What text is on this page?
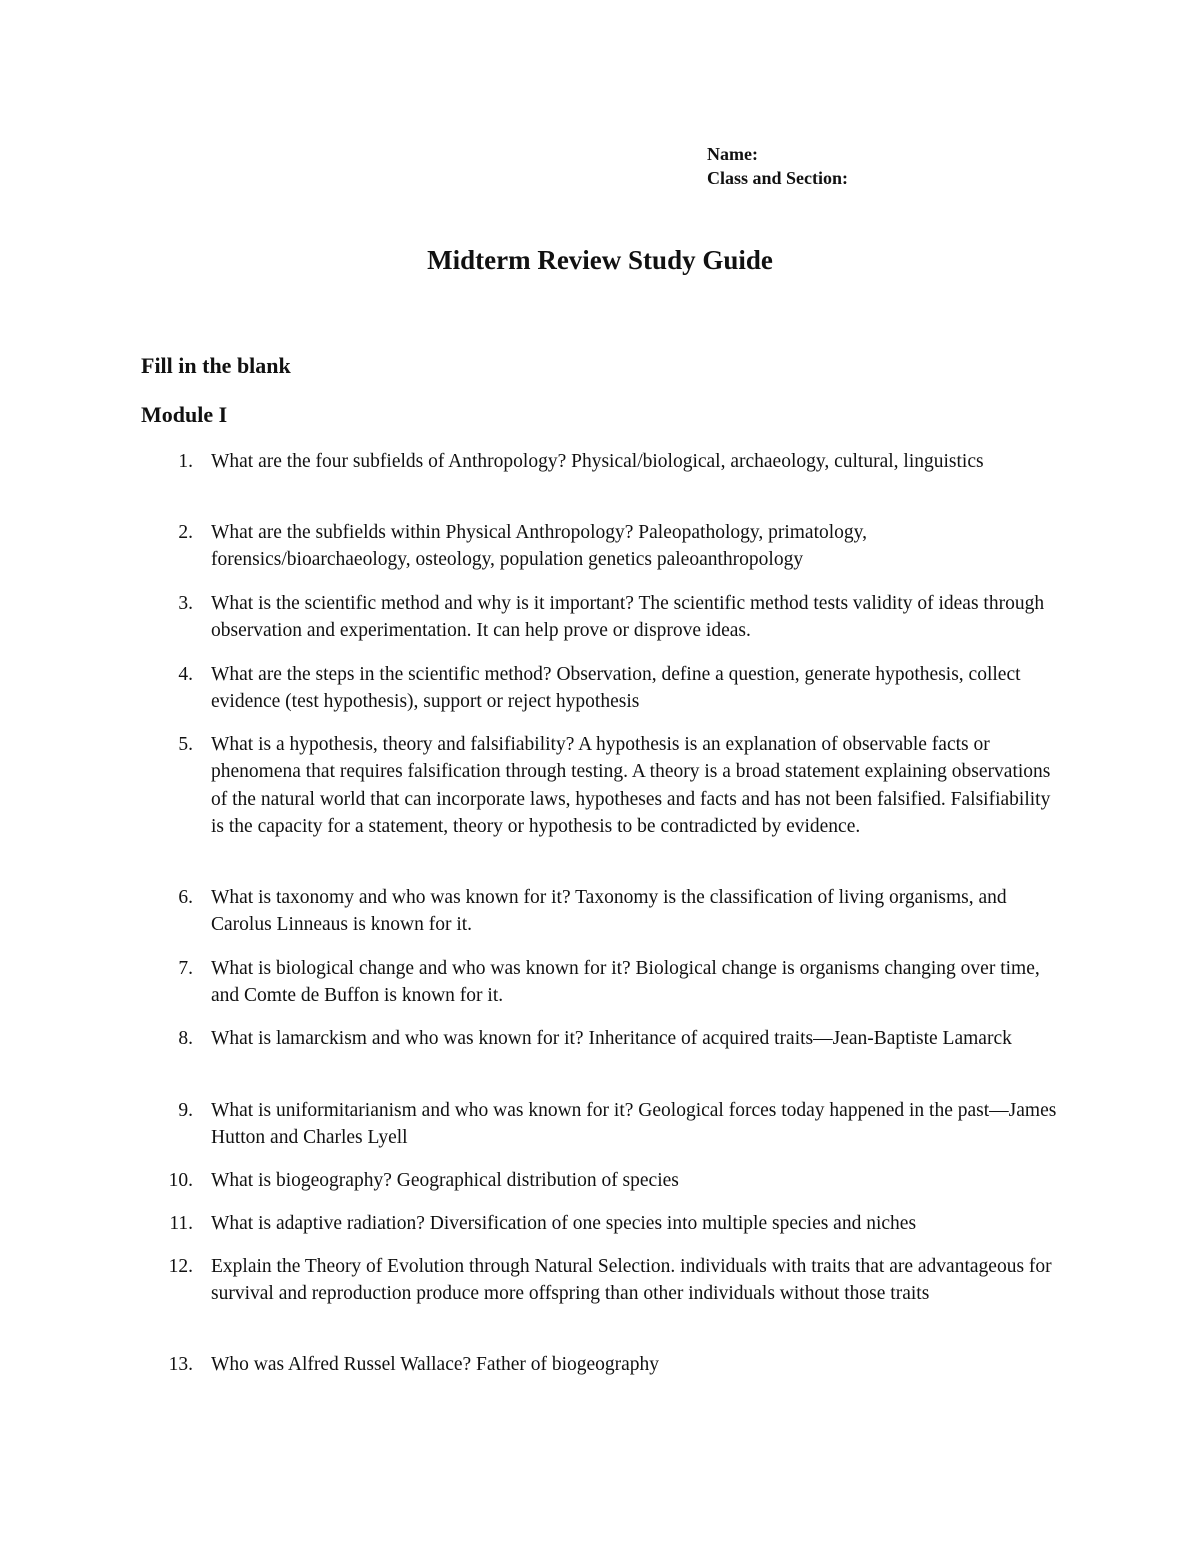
Name:
Class and Section:
Midterm Review Study Guide
Fill in the blank
Module I
1. What are the four subfields of Anthropology? Physical/biological, archaeology, cultural, linguistics
2. What are the subfields within Physical Anthropology? Paleopathology, primatology, forensics/bioarchaeology, osteology, population genetics paleoanthropology
3. What is the scientific method and why is it important? The scientific method tests validity of ideas through observation and experimentation. It can help prove or disprove ideas.
4. What are the steps in the scientific method? Observation, define a question, generate hypothesis, collect evidence (test hypothesis), support or reject hypothesis
5. What is a hypothesis, theory and falsifiability? A hypothesis is an explanation of observable facts or phenomena that requires falsification through testing. A theory is a broad statement explaining observations of the natural world that can incorporate laws, hypotheses and facts and has not been falsified. Falsifiability is the capacity for a statement, theory or hypothesis to be contradicted by evidence.
6. What is taxonomy and who was known for it? Taxonomy is the classification of living organisms, and Carolus Linneaus is known for it.
7. What is biological change and who was known for it? Biological change is organisms changing over time, and Comte de Buffon is known for it.
8. What is lamarckism and who was known for it? Inheritance of acquired traits—Jean-Baptiste Lamarck
9. What is uniformitarianism and who was known for it? Geological forces today happened in the past—James Hutton and Charles Lyell
10. What is biogeography? Geographical distribution of species
11. What is adaptive radiation? Diversification of one species into multiple species and niches
12. Explain the Theory of Evolution through Natural Selection. individuals with traits that are advantageous for survival and reproduction produce more offspring than other individuals without those traits
13. Who was Alfred Russel Wallace? Father of biogeography
